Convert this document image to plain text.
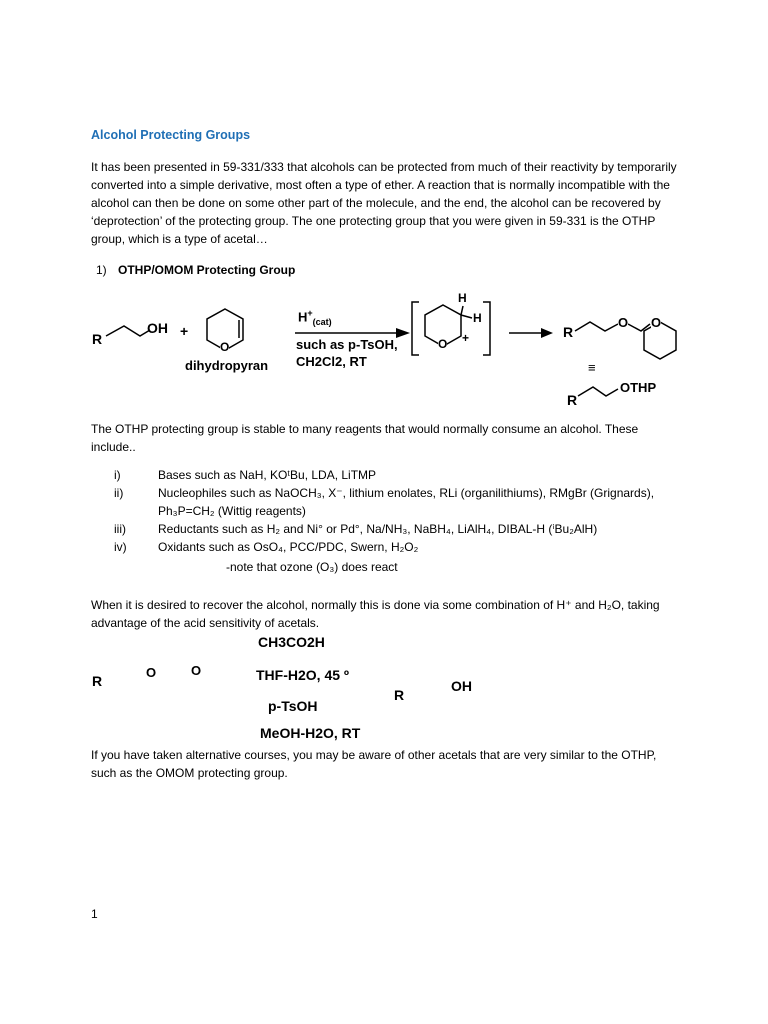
Alcohol Protecting Groups
It has been presented in 59-331/333 that alcohols can be protected from much of their reactivity by temporarily converted into a simple derivative, most often a type of ether. A reaction that is normally incompatible with the alcohol can then be done on some other part of the molecule, and the end, the alcohol can be recovered by ‘deprotection’ of the protecting group. The one protecting group that you were given in 59-331 is the OTHP group, which is a type of acetal…
1) OTHP/OMOM Protecting Group
R
OH +
O
dihydropyran
$H^+_{(cat)}$
such as p-TsOH,
CH2Cl2, RT
H
H
+
O
R
O O
≡
R
OTHP
The OTHP protecting group is stable to many reagents that would normally consume an alcohol. These include..
i)	Bases such as NaH, KOᵗBu, LDA, LiTMP
ii)	Nucleophiles such as NaOCH₃, X⁻, lithium enolates, RLi (organilithiums), RMgBr (Grignards),
Ph₃P=CH₂ (Wittig reagents)
iii)	Reductants such as H₂ and Ni° or Pd°, Na/NH₃, NaBH₄, LiAlH₄, DIBAL-H (ⁱBu₂AlH)
iv)	Oxidants such as OsO₄, PCC/PDC, Swern, H₂O₂
-note that ozone (O₃) does react
When it is desired to recover the alcohol, normally this is done via some combination of H⁺ and H₂O, taking advantage of the acid sensitivity of acetals.
R
O	O
CH3CO2H
THF-H2O, 45 º
p-TsOH
MeOH-H2O, RT
R
OH
If you have taken alternative courses, you may be aware of other acetals that are very similar to the OTHP, such as the OMOM protecting group.
1
